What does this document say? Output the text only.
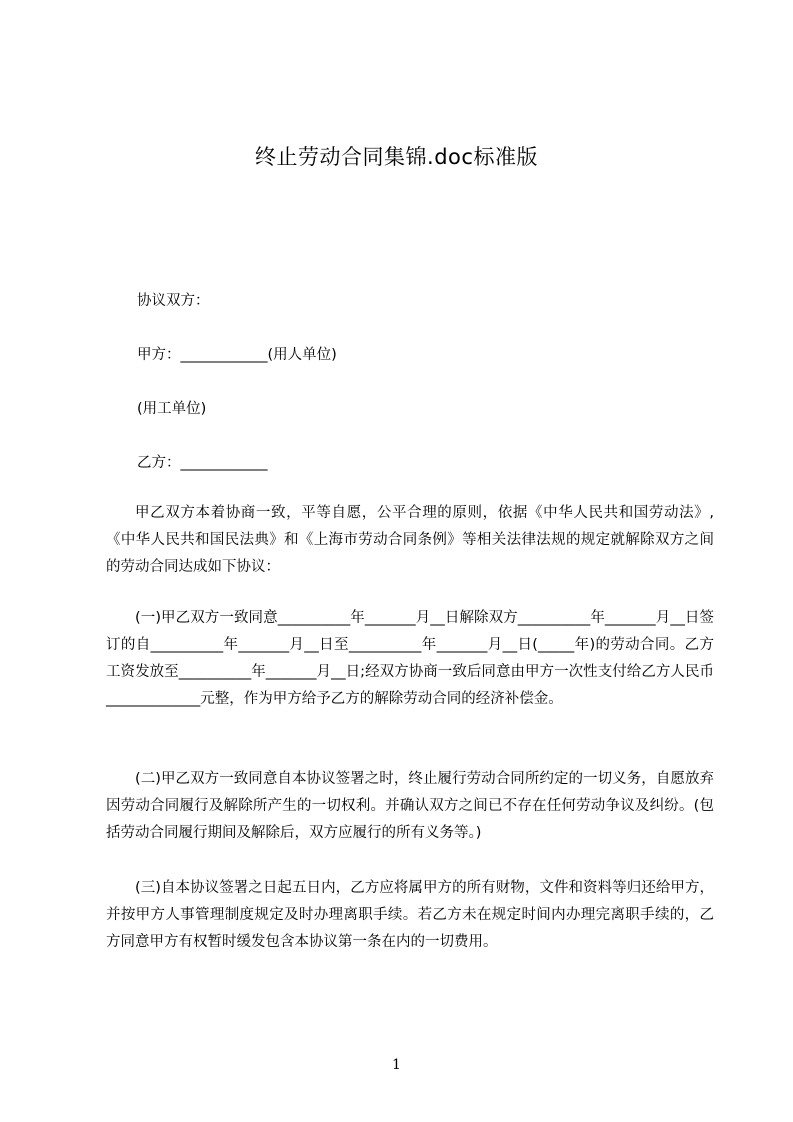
终止劳动合同集锦.doc标准版
协议双方：
甲方：____________(用人单位)
(用工单位)
乙方：____________
甲乙双方本着协商一致，平等自愿，公平合理的原则，依据《中华人民共和国劳动法》,《中华人民共和国民法典》和《上海市劳动合同条例》等相关法律法规的规定就解除双方之间的劳动合同达成如下协议：
(一)甲乙双方一致同意__________年_______月__日解除双方__________年_______月__日签订的自__________年_______月__日至__________年_______月__日(_____年)的劳动合同。乙方工资发放至__________年_______月__日;经双方协商一致后同意由甲方一次性支付给乙方人民币_____________元整，作为甲方给予乙方的解除劳动合同的经济补偿金。
(二)甲乙双方一致同意自本协议签署之时，终止履行劳动合同所约定的一切义务，自愿放弃因劳动合同履行及解除所产生的一切权利。并确认双方之间已不存在任何劳动争议及纠纷。(包括劳动合同履行期间及解除后，双方应履行的所有义务等。)
(三)自本协议签署之日起五日内，乙方应将属甲方的所有财物，文件和资料等归还给甲方，并按甲方人事管理制度规定及时办理离职手续。若乙方未在规定时间内办理完离职手续的，乙方同意甲方有权暂时缓发包含本协议第一条在内的一切费用。
1
